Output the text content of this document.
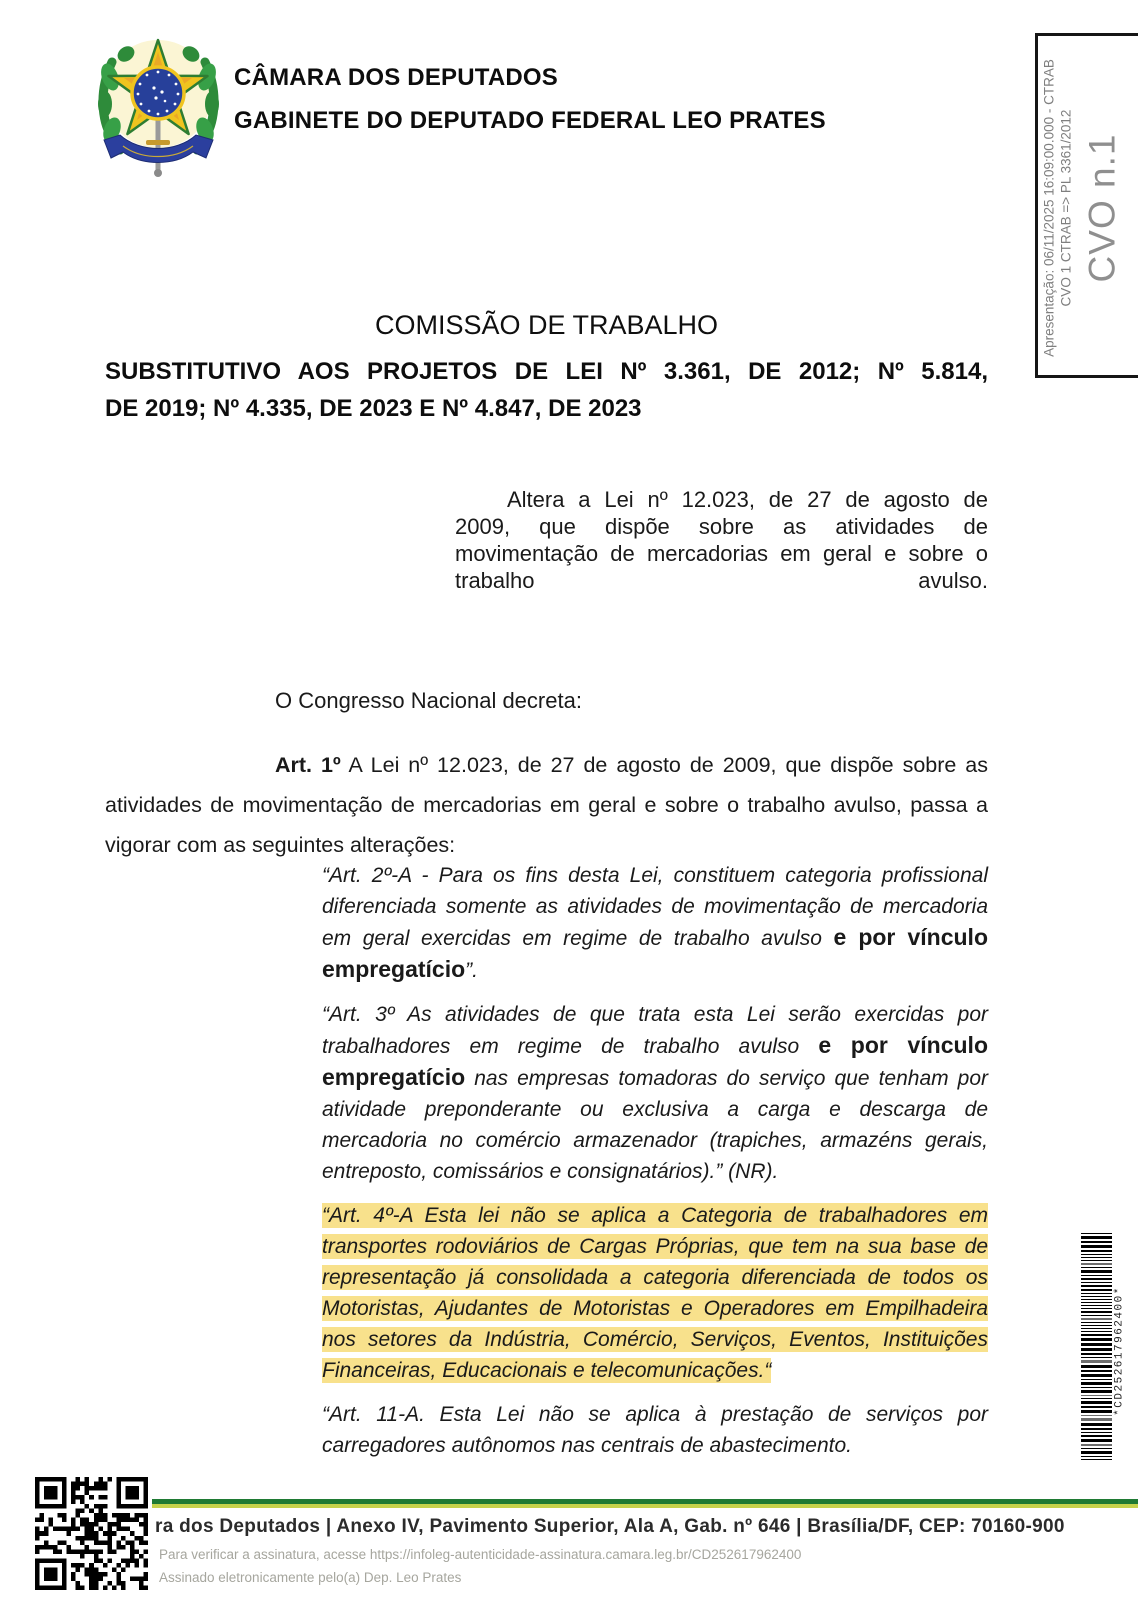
CÂMARA DOS DEPUTADOS
GABINETE DO DEPUTADO FEDERAL LEO PRATES	Apresentação: 06/11/2025 16:09:00.000 - CTRAB CVO 1 CTRAB => PL 3361/2012 CVO n.1
COMISSÃO DE TRABALHO
SUBSTITUTIVO AOS PROJETOS DE LEI Nº 3.361, DE 2012; Nº 5.814,
DE 2019; Nº 4.335, DE 2023 E Nº 4.847, DE 2023
Altera a Lei nº 12.023, de 27 de agosto de
2009, que dispõe sobre as atividades de
movimentação de mercadorias em geral e sobre o
trabalho avulso.
O Congresso Nacional decreta:
Art. 1º A Lei nº 12.023, de 27 de agosto de 2009, que dispõe sobre as atividades de movimentação de mercadorias em geral e sobre o trabalho avulso, passa a vigorar com as seguintes alterações:

“Art. 2º-A - Para os fins desta Lei, constituem categoria profissional diferenciada somente as atividades de movimentação de mercadoria em geral exercidas em regime de trabalho avulso e por vínculo empregatício”.

“Art. 3º As atividades de que trata esta Lei serão exercidas por trabalhadores em regime de trabalho avulso e por vínculo empregatício nas empresas tomadoras do serviço que tenham por atividade preponderante ou exclusiva a carga e descarga de mercadoria no comércio armazenador (trapiches, armazéns gerais, entreposto, comissários e consignatários).” (NR).

“Art. 4º-A Esta lei não se aplica a Categoria de trabalhadores em transportes rodoviários de Cargas Próprias, que tem na sua base de representação já consolidada a categoria diferenciada de todos os Motoristas, Ajudantes de Motoristas e Operadores em Empilhadeira nos setores da Indústria, Comércio, Serviços, Eventos, Instituições Financeiras, Educacionais e telecomunicações.“

“Art. 11-A. Esta Lei não se aplica à prestação de serviços por carregadores autônomos nas centrais de abastecimento.

*CD252617962400*
ra dos Deputados | Anexo IV, Pavimento Superior, Ala A, Gab. nº 646 | Brasília/DF, CEP: 70160-900
Para verificar a assinatura, acesse https://infoleg-autenticidade-assinatura.camara.leg.br/CD252617962400
Assinado eletronicamente pelo(a) Dep. Leo Prates
